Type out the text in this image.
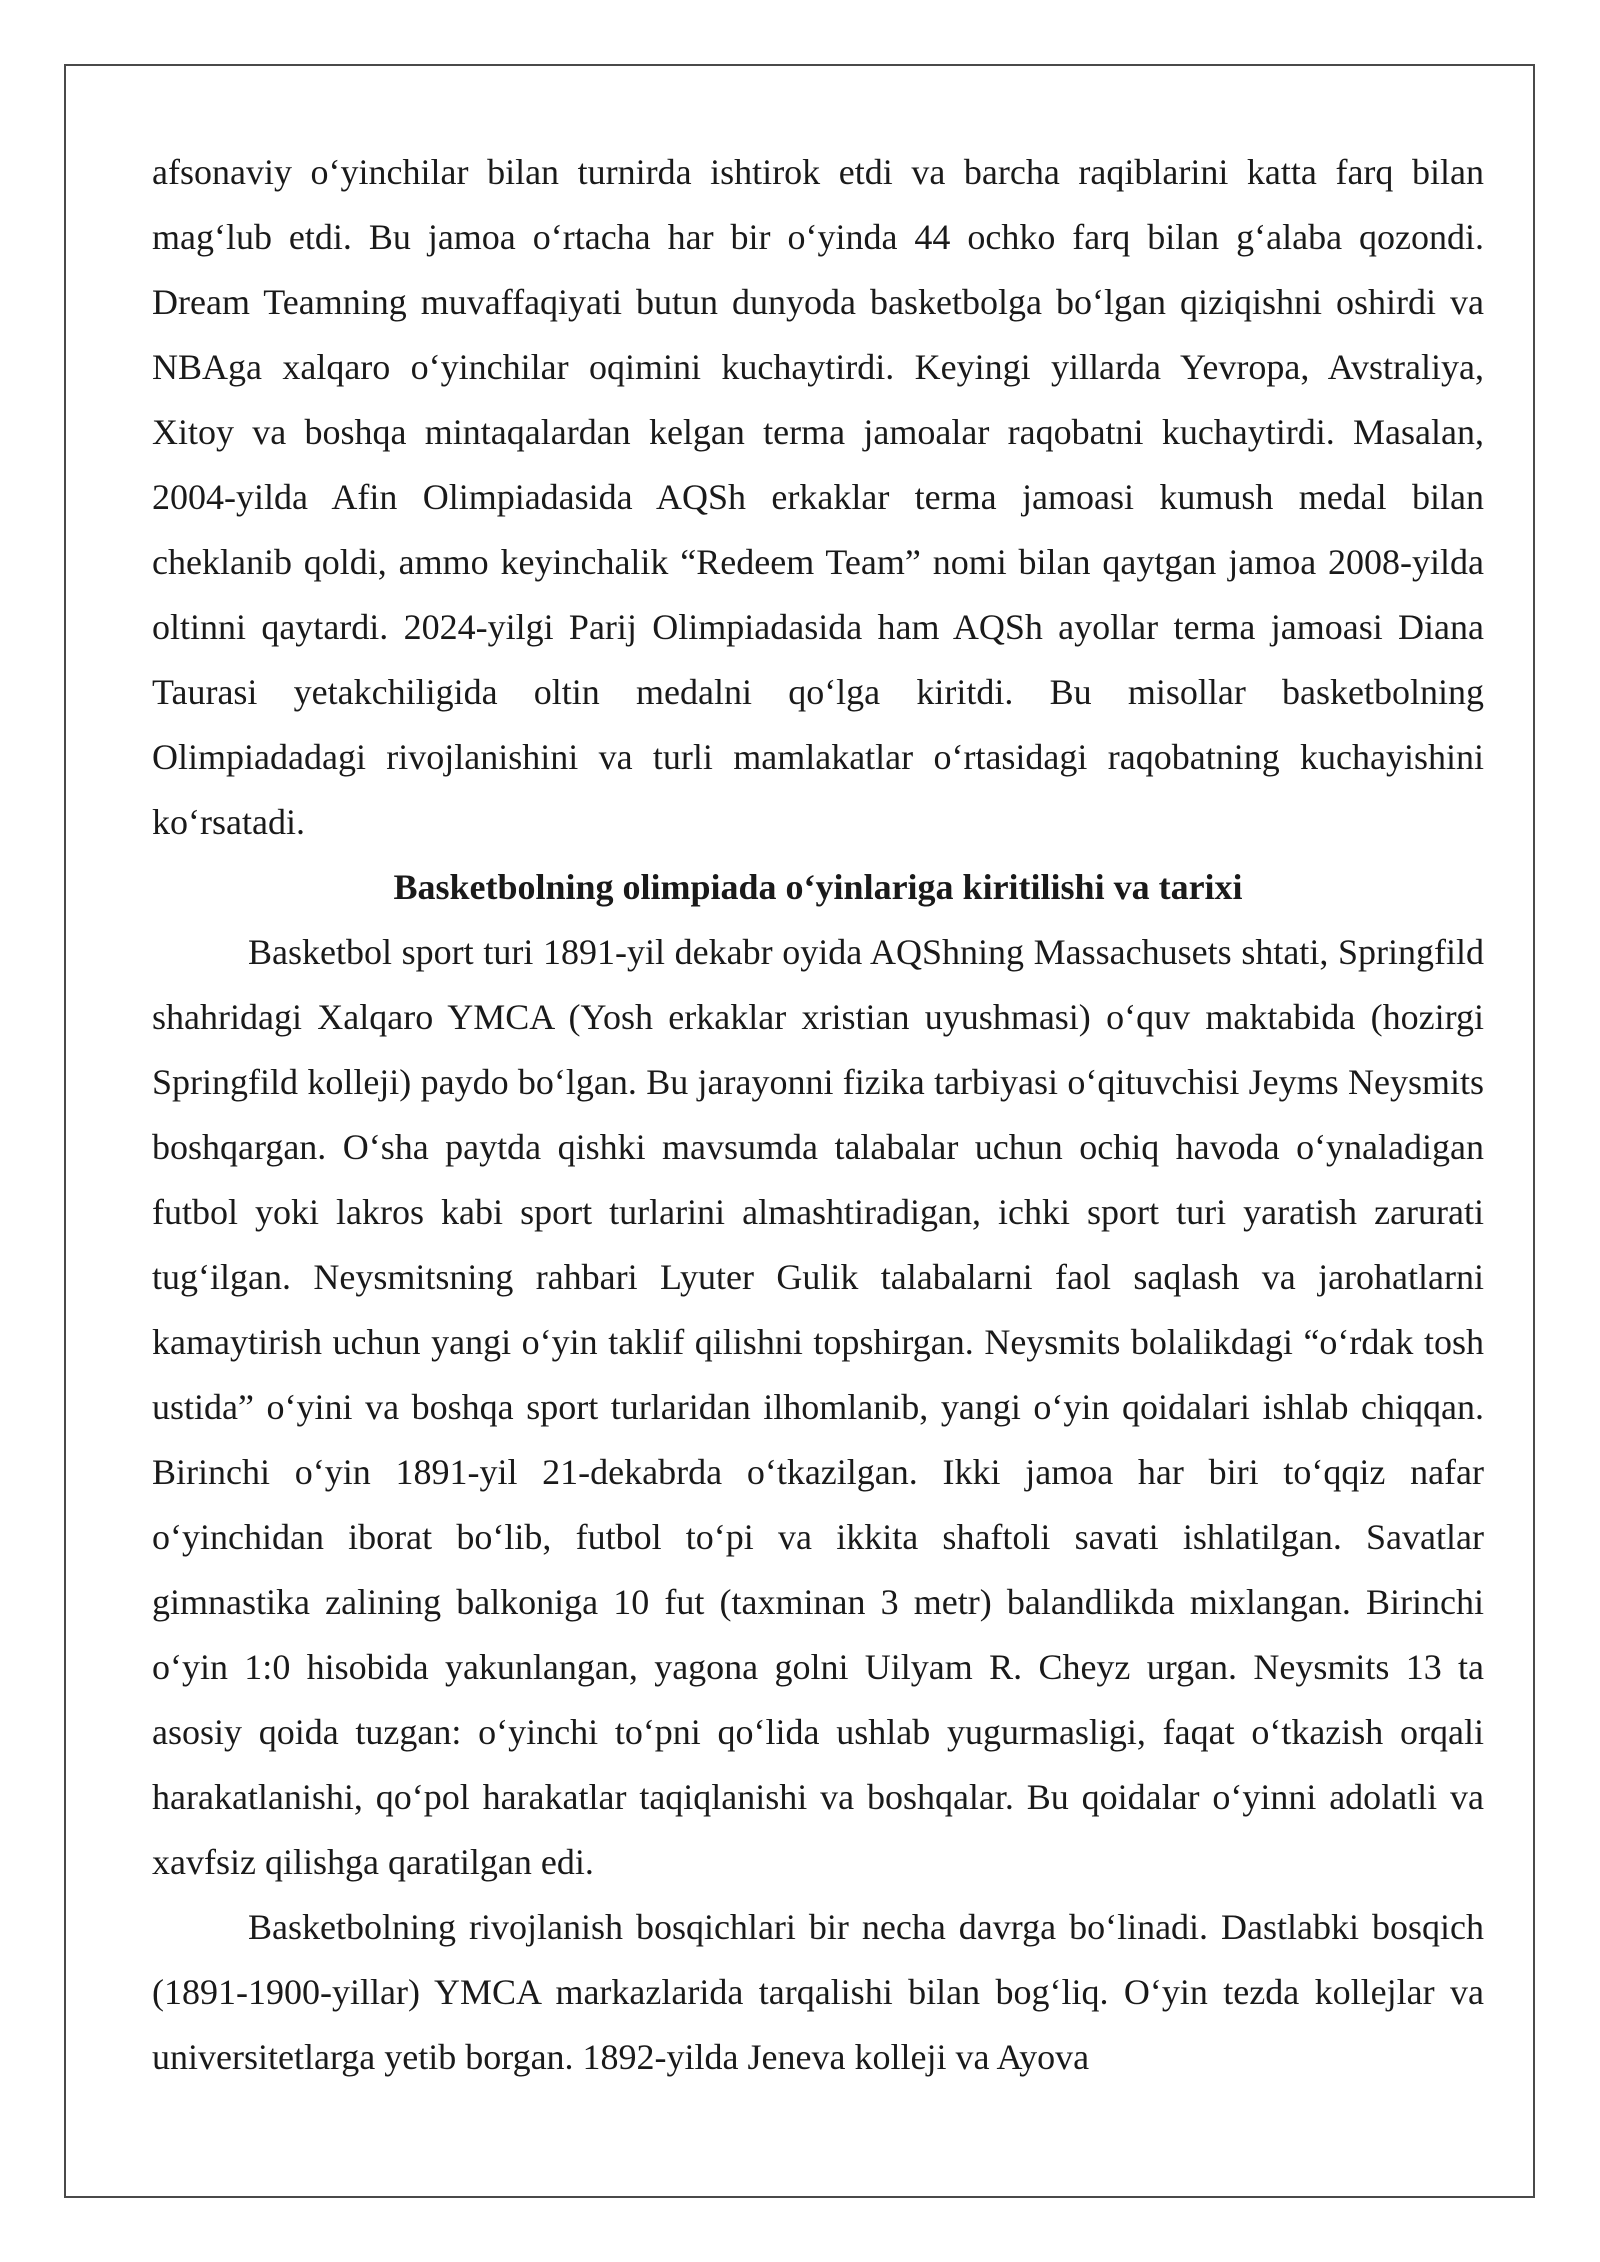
afsonaviy o‘yinchilar bilan turnirda ishtirok etdi va barcha raqiblarini katta farq bilan mag‘lub etdi. Bu jamoa o‘rtacha har bir o‘yinda 44 ochko farq bilan g‘alaba qozondi. Dream Teamning muvaffaqiyati butun dunyoda basketbolga bo‘lgan qiziqishni oshirdi va NBAga xalqaro o‘yinchilar oqimini kuchaytirdi. Keyingi yillarda Yevropa, Avstraliya, Xitoy va boshqa mintaqalardan kelgan terma jamoalar raqobatni kuchaytirdi. Masalan, 2004-yilda Afin Olimpiadasida AQSh erkaklar terma jamoasi kumush medal bilan cheklanib qoldi, ammo keyinchalik “Redeem Team” nomi bilan qaytgan jamoa 2008-yilda oltinni qaytardi. 2024-yilgi Parij Olimpiadasida ham AQSh ayollar terma jamoasi Diana Taurasi yetakchiligida oltin medalni qo‘lga kiritdi. Bu misollar basketbolning Olimpiadadagi rivojlanishini va turli mamlakatlar o‘rtasidagi raqobatning kuchayishini ko‘rsatadi.

Basketbolning olimpiada o‘yinlariga kiritilishi va tarixi

Basketbol sport turi 1891-yil dekabr oyida AQShning Massachusets shtati, Springfild shahridagi Xalqaro YMCA (Yosh erkaklar xristian uyushmasi) o‘quv maktabida (hozirgi Springfild kolleji) paydo bo‘lgan. Bu jarayonni fizika tarbiyasi o‘qituvchisi Jeyms Neysmits boshqargan. O‘sha paytda qishki mavsumda talabalar uchun ochiq havoda o‘ynaladigan futbol yoki lakros kabi sport turlarini almashtiradigan, ichki sport turi yaratish zarurati tug‘ilgan. Neysmitsning rahbari Lyuter Gulik talabalarni faol saqlash va jarohatlarni kamaytirish uchun yangi o‘yin taklif qilishni topshirgan. Neysmits bolalikdagi “o‘rdak tosh ustida” o‘yini va boshqa sport turlaridan ilhomlanib, yangi o‘yin qoidalari ishlab chiqqan. Birinchi o‘yin 1891-yil 21-dekabrda o‘tkazilgan. Ikki jamoa har biri to‘qqiz nafar o‘yinchidan iborat bo‘lib, futbol to‘pi va ikkita shaftoli savati ishlatilgan. Savatlar gimnastika zalining balkoniga 10 fut (taxminan 3 metr) balandlikda mixlangan. Birinchi o‘yin 1:0 hisobida yakunlangan, yagona golni Uilyam R. Cheyz urgan. Neysmits 13 ta asosiy qoida tuzgan: o‘yinchi to‘pni qo‘lida ushlab yugurmasligi, faqat o‘tkazish orqali harakatlanishi, qo‘pol harakatlar taqiqlanishi va boshqalar. Bu qoidalar o‘yinni adolatli va xavfsiz qilishga qaratilgan edi.

Basketbolning rivojlanish bosqichlari bir necha davrga bo‘linadi. Dastlabki bosqich (1891-1900-yillar) YMCA markazlarida tarqalishi bilan bog‘liq. O‘yin tezda kollejlar va universitetlarga yetib borgan. 1892-yilda Jeneva kolleji va Ayova
